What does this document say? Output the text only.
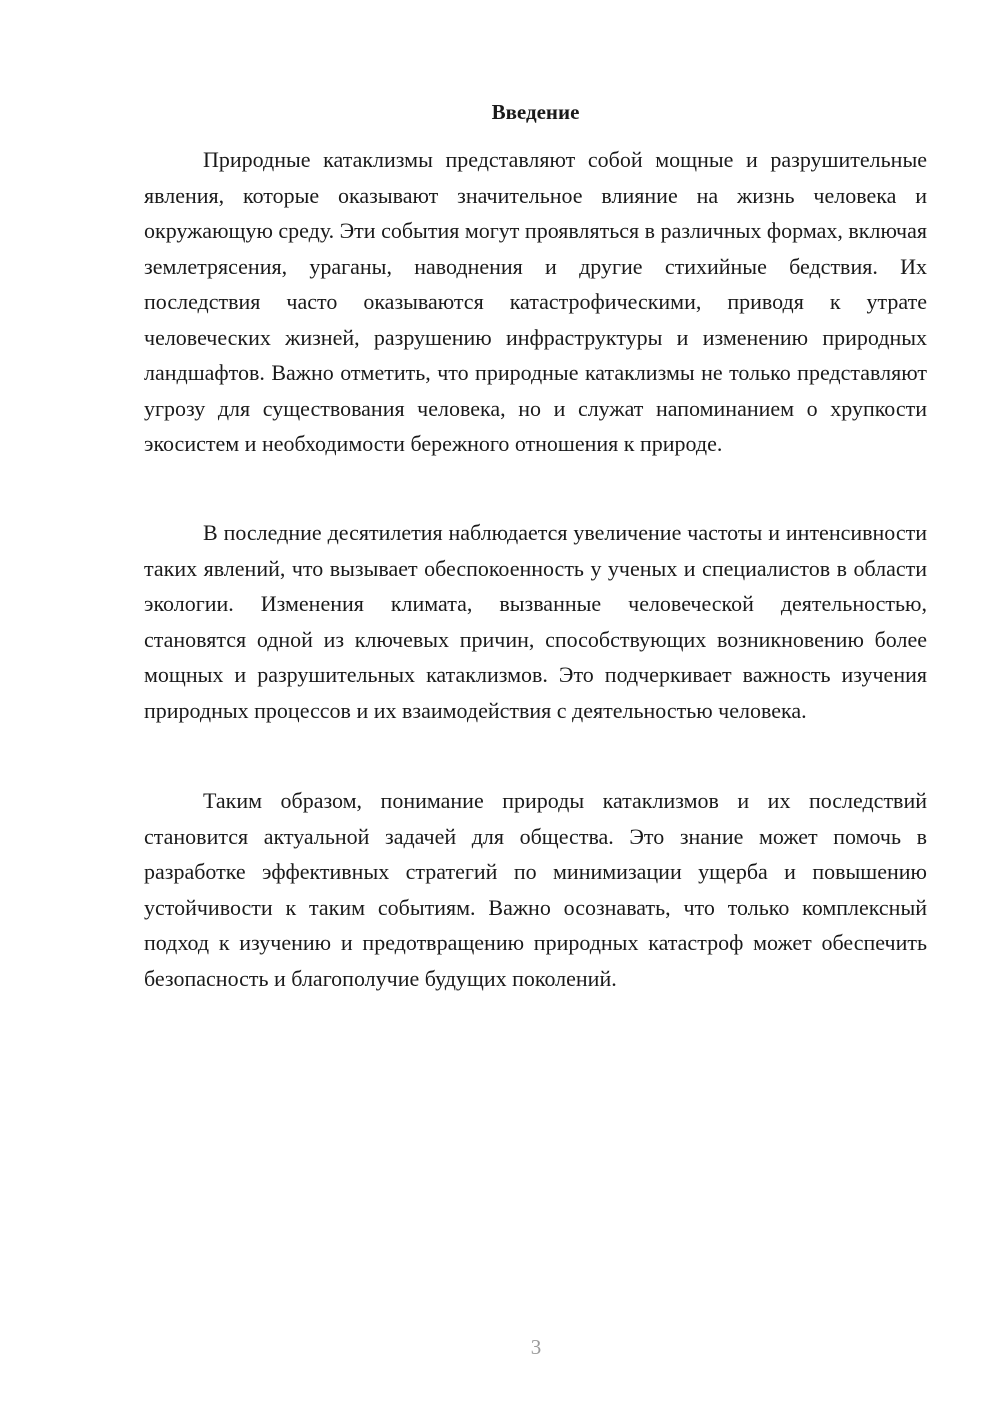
Введение

Природные катаклизмы представляют собой мощные и разрушительные явления, которые оказывают значительное влияние на жизнь человека и окружающую среду. Эти события могут проявляться в различных формах, включая землетрясения, ураганы, наводнения и другие стихийные бедствия. Их последствия часто оказываются катастрофическими, приводя к утрате человеческих жизней, разрушению инфраструктуры и изменению природных ландшафтов. Важно отметить, что природные катаклизмы не только представляют угрозу для существования человека, но и служат напоминанием о хрупкости экосистем и необходимости бережного отношения к природе.

В последние десятилетия наблюдается увеличение частоты и интенсивности таких явлений, что вызывает обеспокоенность у ученых и специалистов в области экологии. Изменения климата, вызванные человеческой деятельностью, становятся одной из ключевых причин, способствующих возникновению более мощных и разрушительных катаклизмов. Это подчеркивает важность изучения природных процессов и их взаимодействия с деятельностью человека.

Таким образом, понимание природы катаклизмов и их последствий становится актуальной задачей для общества. Это знание может помочь в разработке эффективных стратегий по минимизации ущерба и повышению устойчивости к таким событиям. Важно осознавать, что только комплексный подход к изучению и предотвращению природных катастроф может обеспечить безопасность и благополучие будущих поколений.

3
